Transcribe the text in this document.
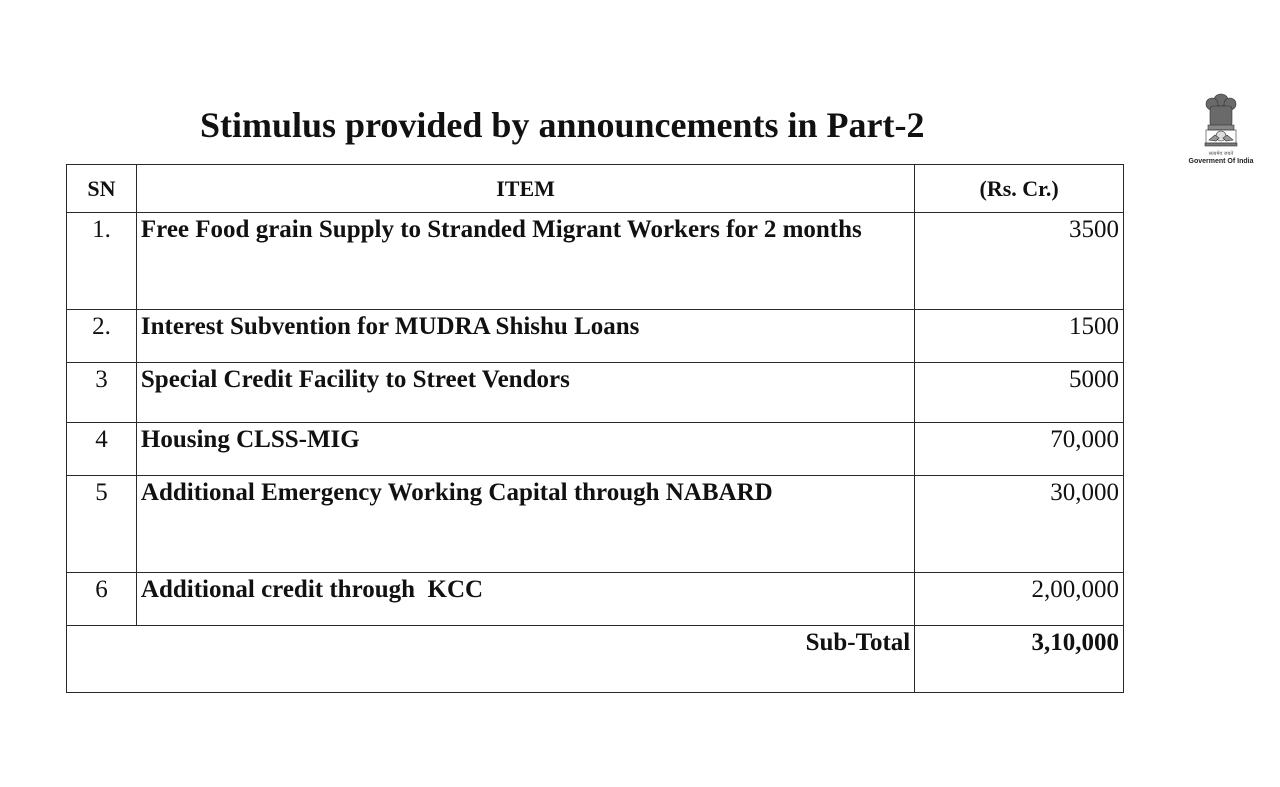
Stimulus provided by announcements in Part-2
सत्यमेव जयते
Goverment Of India
SN	ITEM	(Rs. Cr.)
1.	Free Food grain Supply to Stranded Migrant Workers for 2 months	3500
2.	Interest Subvention for MUDRA Shishu Loans	1500
3	Special Credit Facility to Street Vendors	5000
4	Housing CLSS-MIG	70,000
5	Additional Emergency Working Capital through NABARD	30,000
6	Additional credit through  KCC	2,00,000
Sub-Total		3,10,000
